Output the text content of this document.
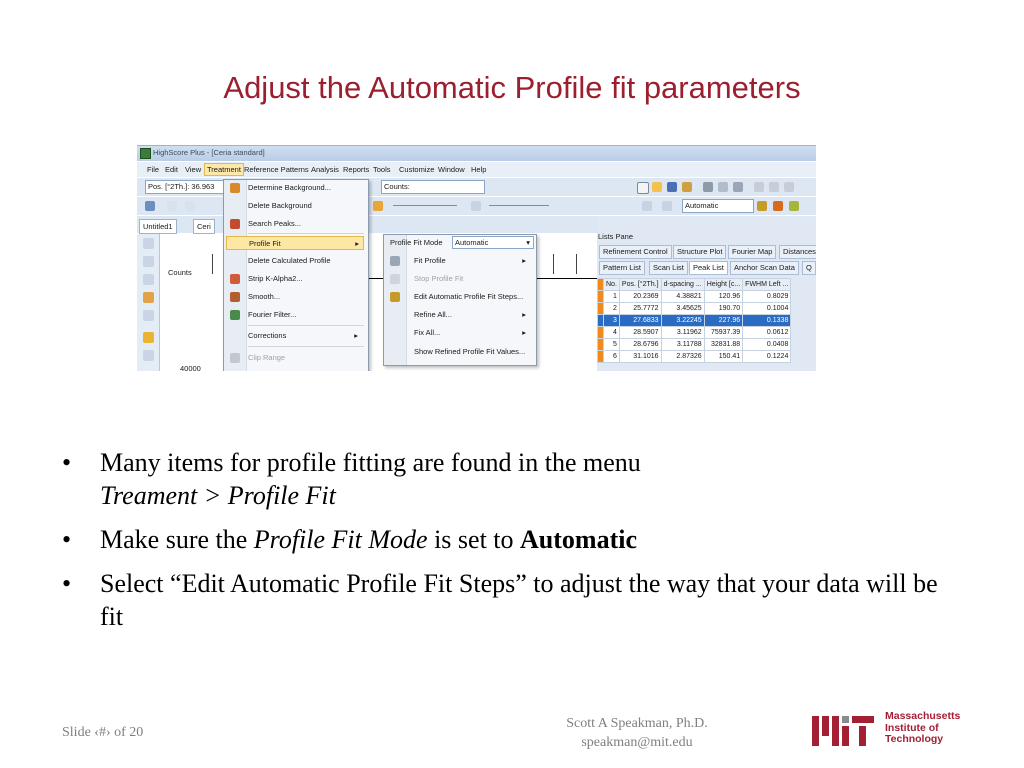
Adjust the Automatic Profile fit parameters
HighScore Plus - [Ceria standard]
File Edit View Treatment Reference Patterns Analysis Reports Tools Customize Window Help
Pos. [°2Th.]: 36.963	Counts:
Automatic
Untitled1	Ceri
Counts
40000
Determine Background...
Delete Background
Search Peaks...
Profile Fit	▸
Delete Calculated Profile
Strip K-Alpha2...
Smooth...
Fourier Filter...
Corrections	▸
Clip Range
Profile Fit Mode	Automatic	▾
Fit Profile	▸
Stop Profile Fit
Edit Automatic Profile Fit Steps...
Refine All...	▸
Fix All...	▸
Show Refined Profile Fit Values...
Lists Pane
Refinement Control	Structure Plot	Fourier Map	Distances
Pattern List	Scan List	Peak List	Anchor Scan Data	Q
	No.	Pos. [°2Th.]	d-spacing ...	Height [c...	FWHM Left ...
	1	20.2369	4.38821	120.96	0.8029
	2	25.7772	3.45625	190.70	0.1004
	3	27.6833	3.22245	227.96	0.1338
	4	28.5907	3.11962	75937.39	0.0612
	5	28.6796	3.11788	32831.88	0.0408
	6	31.1016	2.87326	150.41	0.1224
• Many items for profile fitting are found in the menu
Treament > Profile Fit
• Make sure the Profile Fit Mode is set to Automatic
• Select “Edit Automatic Profile Fit Steps” to adjust the way that your data will be fit
Slide ‹#› of 20
Scott A Speakman, Ph.D.
speakman@mit.edu
Massachusetts
Institute of
Technology
